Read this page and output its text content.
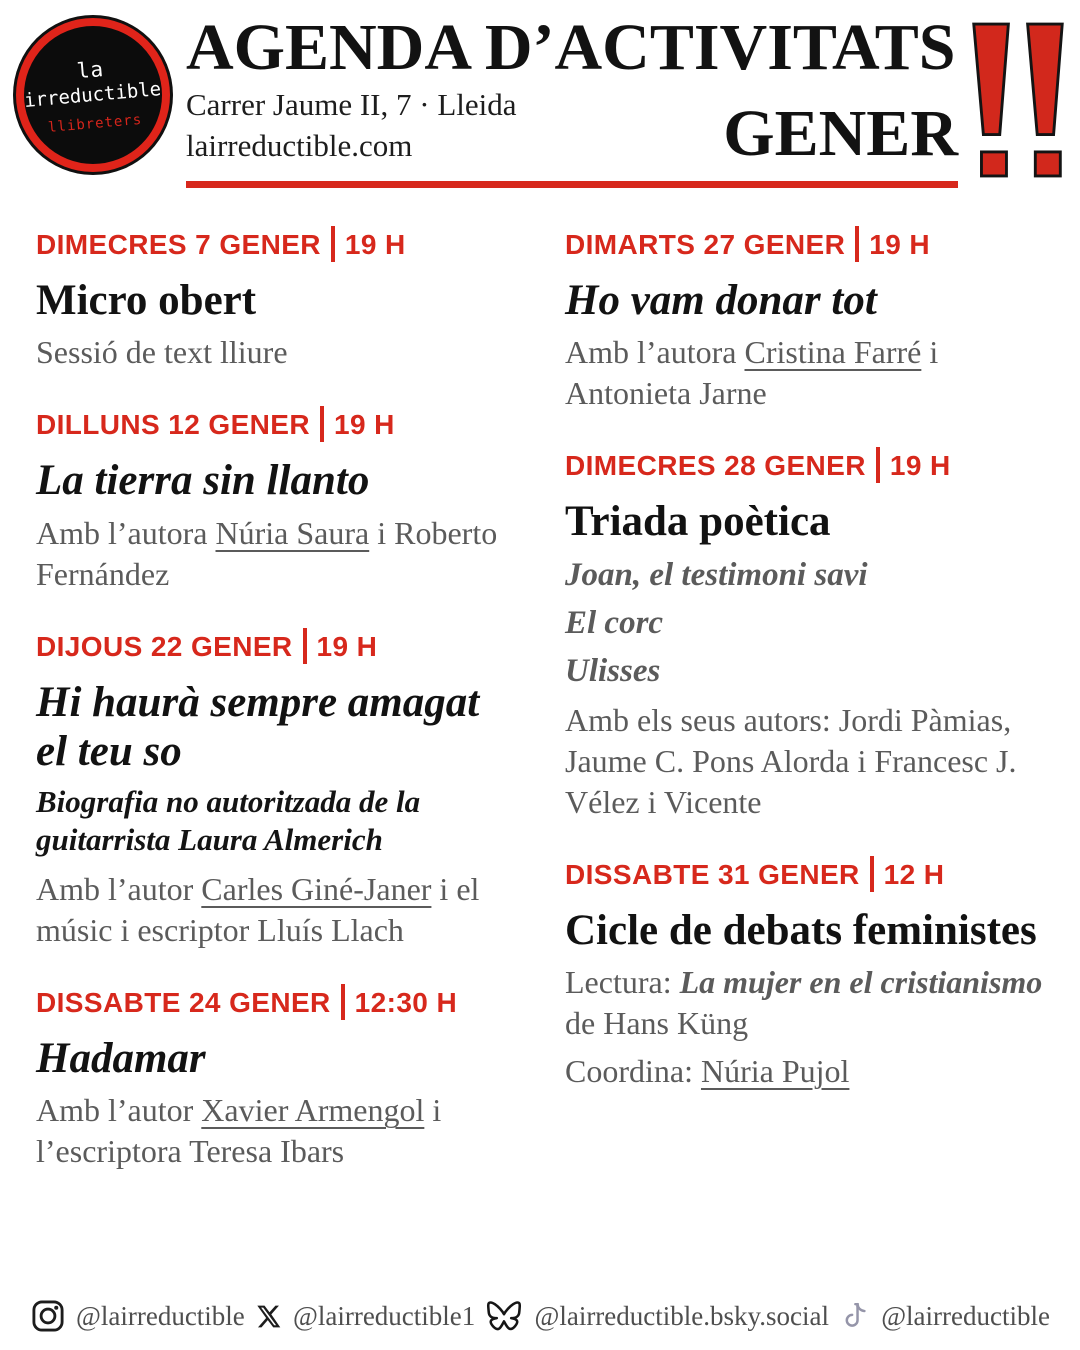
la
irreductible
llibreters
AGENDA D’ACTIVITATS
Carrer Jaume II, 7 · Lleida
lairreductible.com	GENER
DIMECRES 7 GENER 19 H

Micro obert

Sessió de text lliure

DILLUNS 12 GENER 19 H

La tierra sin llanto

Amb l’autora Núria Saura i Roberto Fernández

DIJOUS 22 GENER 19 H

Hi haurà sempre amagat el teu so

Biografia no autoritzada de la guitarrista Laura Almerich

Amb l’autor Carles Giné-Janer i el músic i escriptor Lluís Llach

DISSABTE 24 GENER 12:30 H

Hadamar

Amb l’autor Xavier Armengol i l’escriptora Teresa Ibars

DIMARTS 27 GENER 19 H

Ho vam donar tot

Amb l’autora Cristina Farré i Antonieta Jarne

DIMECRES 28 GENER 19 H

Triada poètica

Joan, el testimoni savi

El corc

Ulisses

Amb els seus autors: Jordi Pàmias, Jaume C. Pons Alorda i Francesc J. Vélez i Vicente

DISSABTE 31 GENER 12 H

Cicle de debats feministes

Lectura: La mujer en el cristianismo de Hans Küng

Coordina: Núria Pujol

@lairreductible @lairreductible1 @lairreductible.bsky.social @lairreductible
